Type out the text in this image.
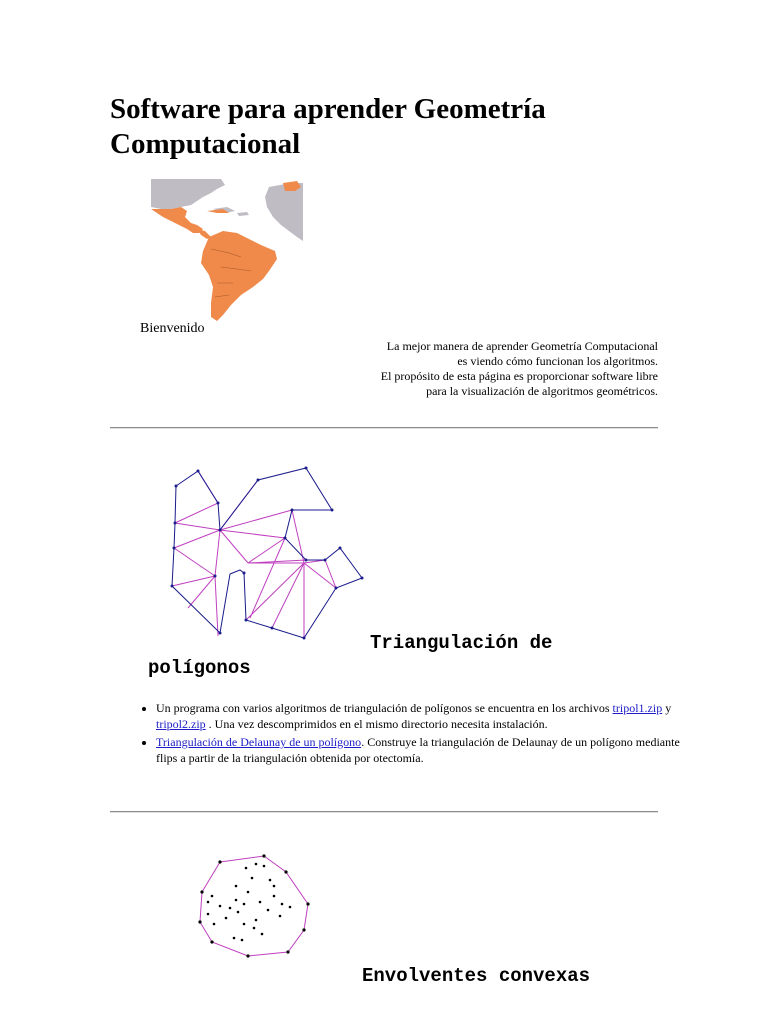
Software para aprender Geometría Computacional
Bienvenido
La mejor manera de aprender Geometría Computacional
es viendo cómo funcionan los algoritmos.
El propósito de esta página es proporcionar software libre
para la visualización de algoritmos geométricos.
Triangulación de
polígonos
• Un programa con varios algoritmos de triangulación de polígonos se encuentra en los archivos tripol1.zip y tripol2.zip . Una vez descomprimidos en el mismo directorio necesita instalación.
• Triangulación de Delaunay de un polígono. Construye la triangulación de Delaunay de un polígono mediante flips a partir de la triangulación obtenida por otectomía.
Envolventes convexas
